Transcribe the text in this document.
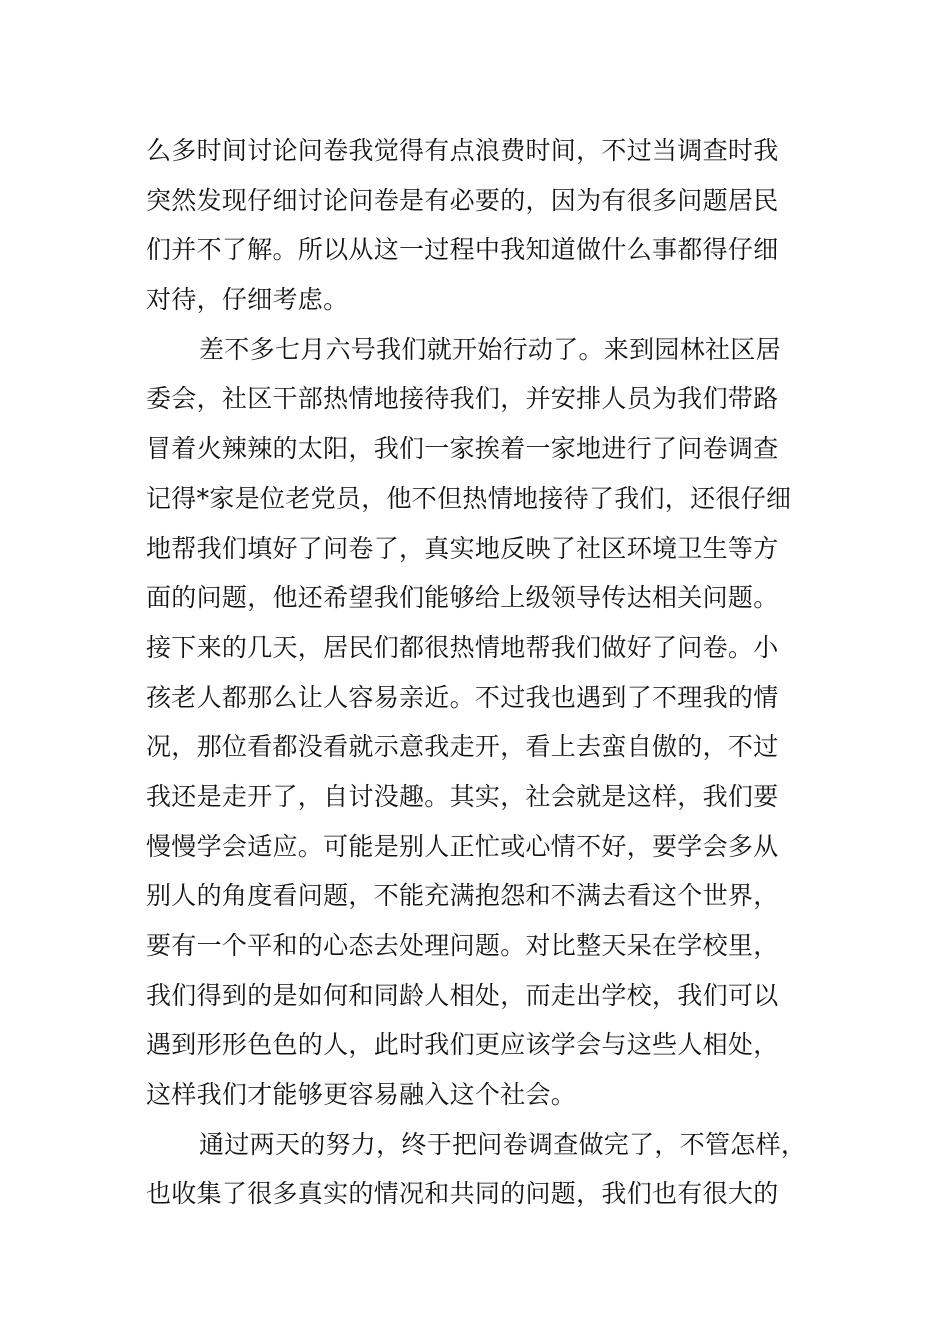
么多时间讨论问卷我觉得有点浪费时间，不过当调查时我
突然发现仔细讨论问卷是有必要的，因为有很多问题居民
们并不了解。所以从这一过程中我知道做什么事都得仔细
对待，仔细考虑。
差不多七月六号我们就开始行动了。来到园林社区居
委会，社区干部热情地接待我们，并安排人员为我们带路
冒着火辣辣的太阳，我们一家挨着一家地进行了问卷调查
记得*家是位老党员，他不但热情地接待了我们，还很仔细
地帮我们填好了问卷了，真实地反映了社区环境卫生等方
面的问题，他还希望我们能够给上级领导传达相关问题。
接下来的几天，居民们都很热情地帮我们做好了问卷。小
孩老人都那么让人容易亲近。不过我也遇到了不理我的情
况，那位看都没看就示意我走开，看上去蛮自傲的，不过
我还是走开了，自讨没趣。其实，社会就是这样，我们要
慢慢学会适应。可能是别人正忙或心情不好，要学会多从
别人的角度看问题，不能充满抱怨和不满去看这个世界，
要有一个平和的心态去处理问题。对比整天呆在学校里，
我们得到的是如何和同龄人相处，而走出学校，我们可以
遇到形形色色的人，此时我们更应该学会与这些人相处，
这样我们才能够更容易融入这个社会。
通过两天的努力，终于把问卷调查做完了，不管怎样，
也收集了很多真实的情况和共同的问题，我们也有很大的
